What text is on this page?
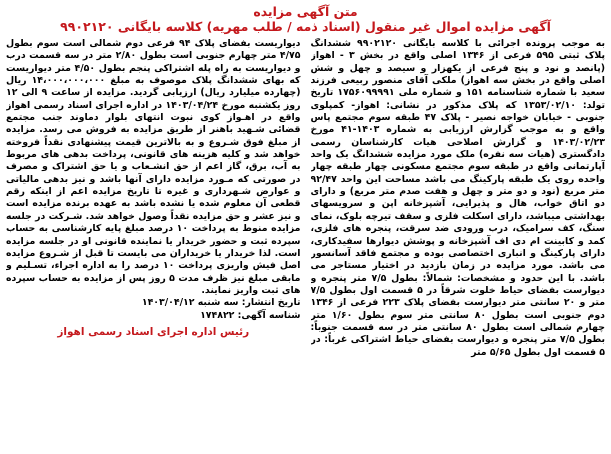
متن آگهی مزایده
آگهی مزایده اموال غیر منقول (اسناد ذمه / طلب مهریه) کلاسه بایگانی ۹۹۰۲۱۲۰

به موجب پرونده اجرائی با کلاسه بایگانی ۹۹۰۲۱۲۰ ششدانگ پلاک ثبتی ۵۹۵ فرعی از ۱۳۴۶ اصلی واقع در بخش ۳ - اهواز (پانصد و نود و پنج فرعی از یکهزار و سیصد و چهل و شش اصلی واقع در بخش سه اهواز) ملکی آقای منصور ربیعی فرزند سعید با شماره شناسنامه ۱۵۱ و شماره ملی ۱۷۵۶۰۹۹۹۹۱ تاریخ تولد: ۱۳۵۳/۰۲/۱۰ که پلاک مذکور در نشانی: اهواز- کمپلوی جنوبی - خیابان خواجه نصیر - پلاک ۴۷ طبقه سوم مجتمع پاس واقع و به موجب گزارش ارزیابی به شماره ۱۴۰۳-۴۱ مورخ ۱۴۰۳/۰۲/۲۳ و گزارش اصلاحی هیات کارشناسان رسمی دادگستری (هیات سه نفره) ملک مورد مزایده ششدانگ یک واحد آپارتمانی واقع در طبقه سوم مجتمع مسکونی چهار طبقه چهار واحده روی یک طبقه پارکینگ می باشد مساحت این واحد ۹۲/۴۷ متر مربع (نود و دو متر و چهل و هفت صدم متر مربع) و دارای دو اتاق خواب، هال و پذیرایی، آشپزخانه اپن و سرویسهای بهداشتی میباشد، دارای اسکلت فلزی و سقف تیرچه بلوک، نمای سنگ، کف سرامیک، درب ورودی ضد سرقت، پنجره های فلزی، کمد و کابینت ام دی اف آشپزخانه و پوشش دیوارها سفیدکاری، دارای پارکینگ و انباری اختصاصی بوده و مجتمع فاقد آسانسور می باشد. مورد مزایده در زمان بازدید در اختیار مستاجر می باشد. با این حدود و مشخصات: شمالاً: بطول ۷/۵ متر پنجره و دیوارست بفضای حیاط خلوت شرقاً در ۵ قسمت اول بطول ۷/۵ متر و ۲۰ سانتی متر دیوارست بفضای پلاک ۲۲۳ فرعی از ۱۳۴۶ دوم جنوبی است بطول ۸۰ سانتی متر سوم بطول ۱/۶۰ متر چهارم شمالی است بطول ۸۰ سانتی متر در سه قسمت جنوباً: بطول ۷/۵ متر پنجره و دیوارست بفضای حیاط اشتراکی غرباً: در ۵ قسمت اول بطول ۵/۶۵ متر

دیواریست بفضای پلاک ۹۴ فرعی دوم شمالی است سوم بطول ۴/۷۵ متر چهارم جنوبی است بطول ۲/۸۰ متر در سه قسمت درب و دیواریست به راه پله اشتراکی پنجم بطول ۴/۵۰ متر دیواریست که بهای ششدانگ پلاک موصوف به مبلغ ۱۴،۰۰۰،۰۰۰،۰۰۰ ریال (چهارده میلیارد ریال) ارزیابی گردید. مزایده از ساعت ۹ الی ۱۲ روز یکشنبه مورخ ۱۴۰۳/۰۴/۲۴ در اداره اجرای اسناد رسمی اهواز واقع در اهـواز کوی نبوت انتهای بلوار دماوند جنب مجتمع قضائی شـهید باهنر از طریق مزایده به فروش می رسد. مزایده از مبلغ فوق شـروع و به بالاترین قیمت پیشنهادی نقداً فروخته خواهد شد و کلیه هزینه های قانونی، پرداخت بدهی های مربوط به آب، برق، گاز اعم از حق انشـعاب و یا حق اشتراک و مصرف در صورتی که مـورد مزایده دارای آنها باشد و نیز بدهی مالیاتی و عوارض شـهرداری و غیره تا تاریخ مزایده اعم از اینکه رقم قطعی آن معلوم شده یا نشده باشد به عهده برنده مزایده است و نیز عشر و حق مزایده نقداً وصول خواهد شد. شـرکت در جلسه مزایده منوط به پرداخت ۱۰ درصد مبلغ پایه کارشناسی به حساب سپرده ثبت و حضور خریدار یا نماینده قانونی او در جلسه مزایده است. لذا خریدار یا خریداران می بایست تا قبل از شـروع مزایده اصل فیش واریزی پرداخت ۱۰ درصد را به اداره اجراء، تسـلیم و مابقی مبلغ نیز ظرف مدت ۵ روز پس از مزایده به حساب سپرده های ثبت واریز نمایند.

تاریخ انتشار: سه شنبه ۱۴۰۳/۰۴/۱۲
شناسه آگهی: ۱۷۴۸۲۲
رئیس اداره اجرای اسناد رسمی اهواز
